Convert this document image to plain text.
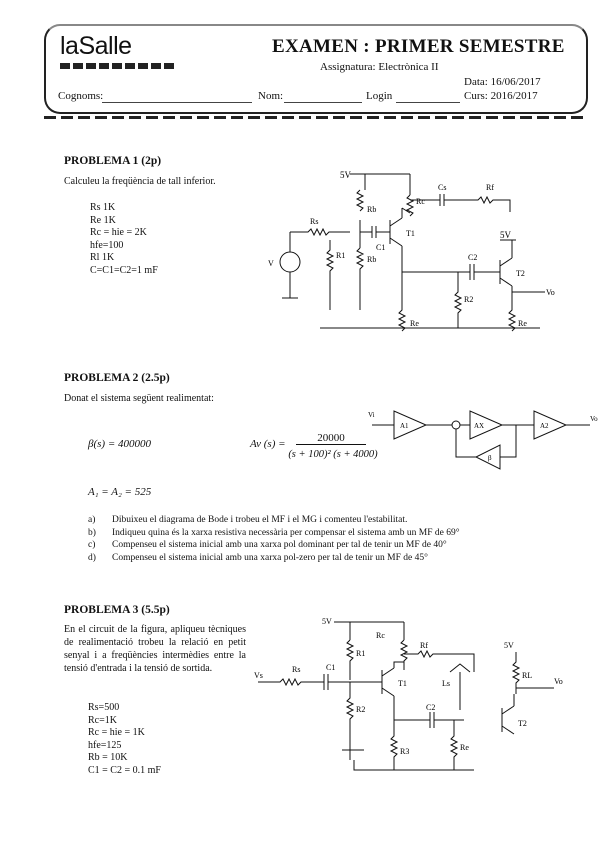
laSalle	EXAMEN : PRIMER SEMESTRE
Assignatura: Electrònica II
Data: 16/06/2017
Curs: 2016/2017
Cognoms:	Nom:	Login
PROBLEMA 1 (2p)
Calculeu la freqüència de tall inferior.
Rs 1K
Re 1K
Rc = hie = 2K
hfe=100
Rl 1K
C=C1=C2=1 mF
5V
5V
Rb
Rb
Rs
R1
Rc
Re
C1
Cs	Rf
T1
C2
T2
R2
Re
Vo
V
PROBLEMA 2 (2.5p)
Donat el sistema següent realimentat:
β(s) = 400000	Av (s) =	20000
(s + 100)² (s + 4000)
A₁ = A₂ = 525
Vi	Vo
A1	AX	A2
β
a) Dibuixeu el diagrama de Bode i trobeu el MF i el MG i comenteu l'estabilitat.
b) Indiqueu quina és la xarxa resistiva necessària per compensar el sistema amb un MF de 69°
c) Compenseu el sistema inicial amb una xarxa pol dominant per tal de tenir un MF de 40°
d) Compenseu el sistema inicial amb una xarxa pol-zero per tal de tenir un MF de 45°
PROBLEMA 3 (5.5p)
En el circuit de la figura, apliqueu tècniques de realimentació trobeu la relació en petit senyal i a freqüències intermèdies entre la tensió d'entrada i la tensió de sortida.
Rs=500
Rc=1K
Rc = hie = 1K
hfe=125
Rb = 10K
C1 = C2 = 0.1 mF
5V
5V
Rs	C1
R1
R2
Rc
T1
Rf
Ls
C2
Re
T2
R3
RL
Vs
Vo
